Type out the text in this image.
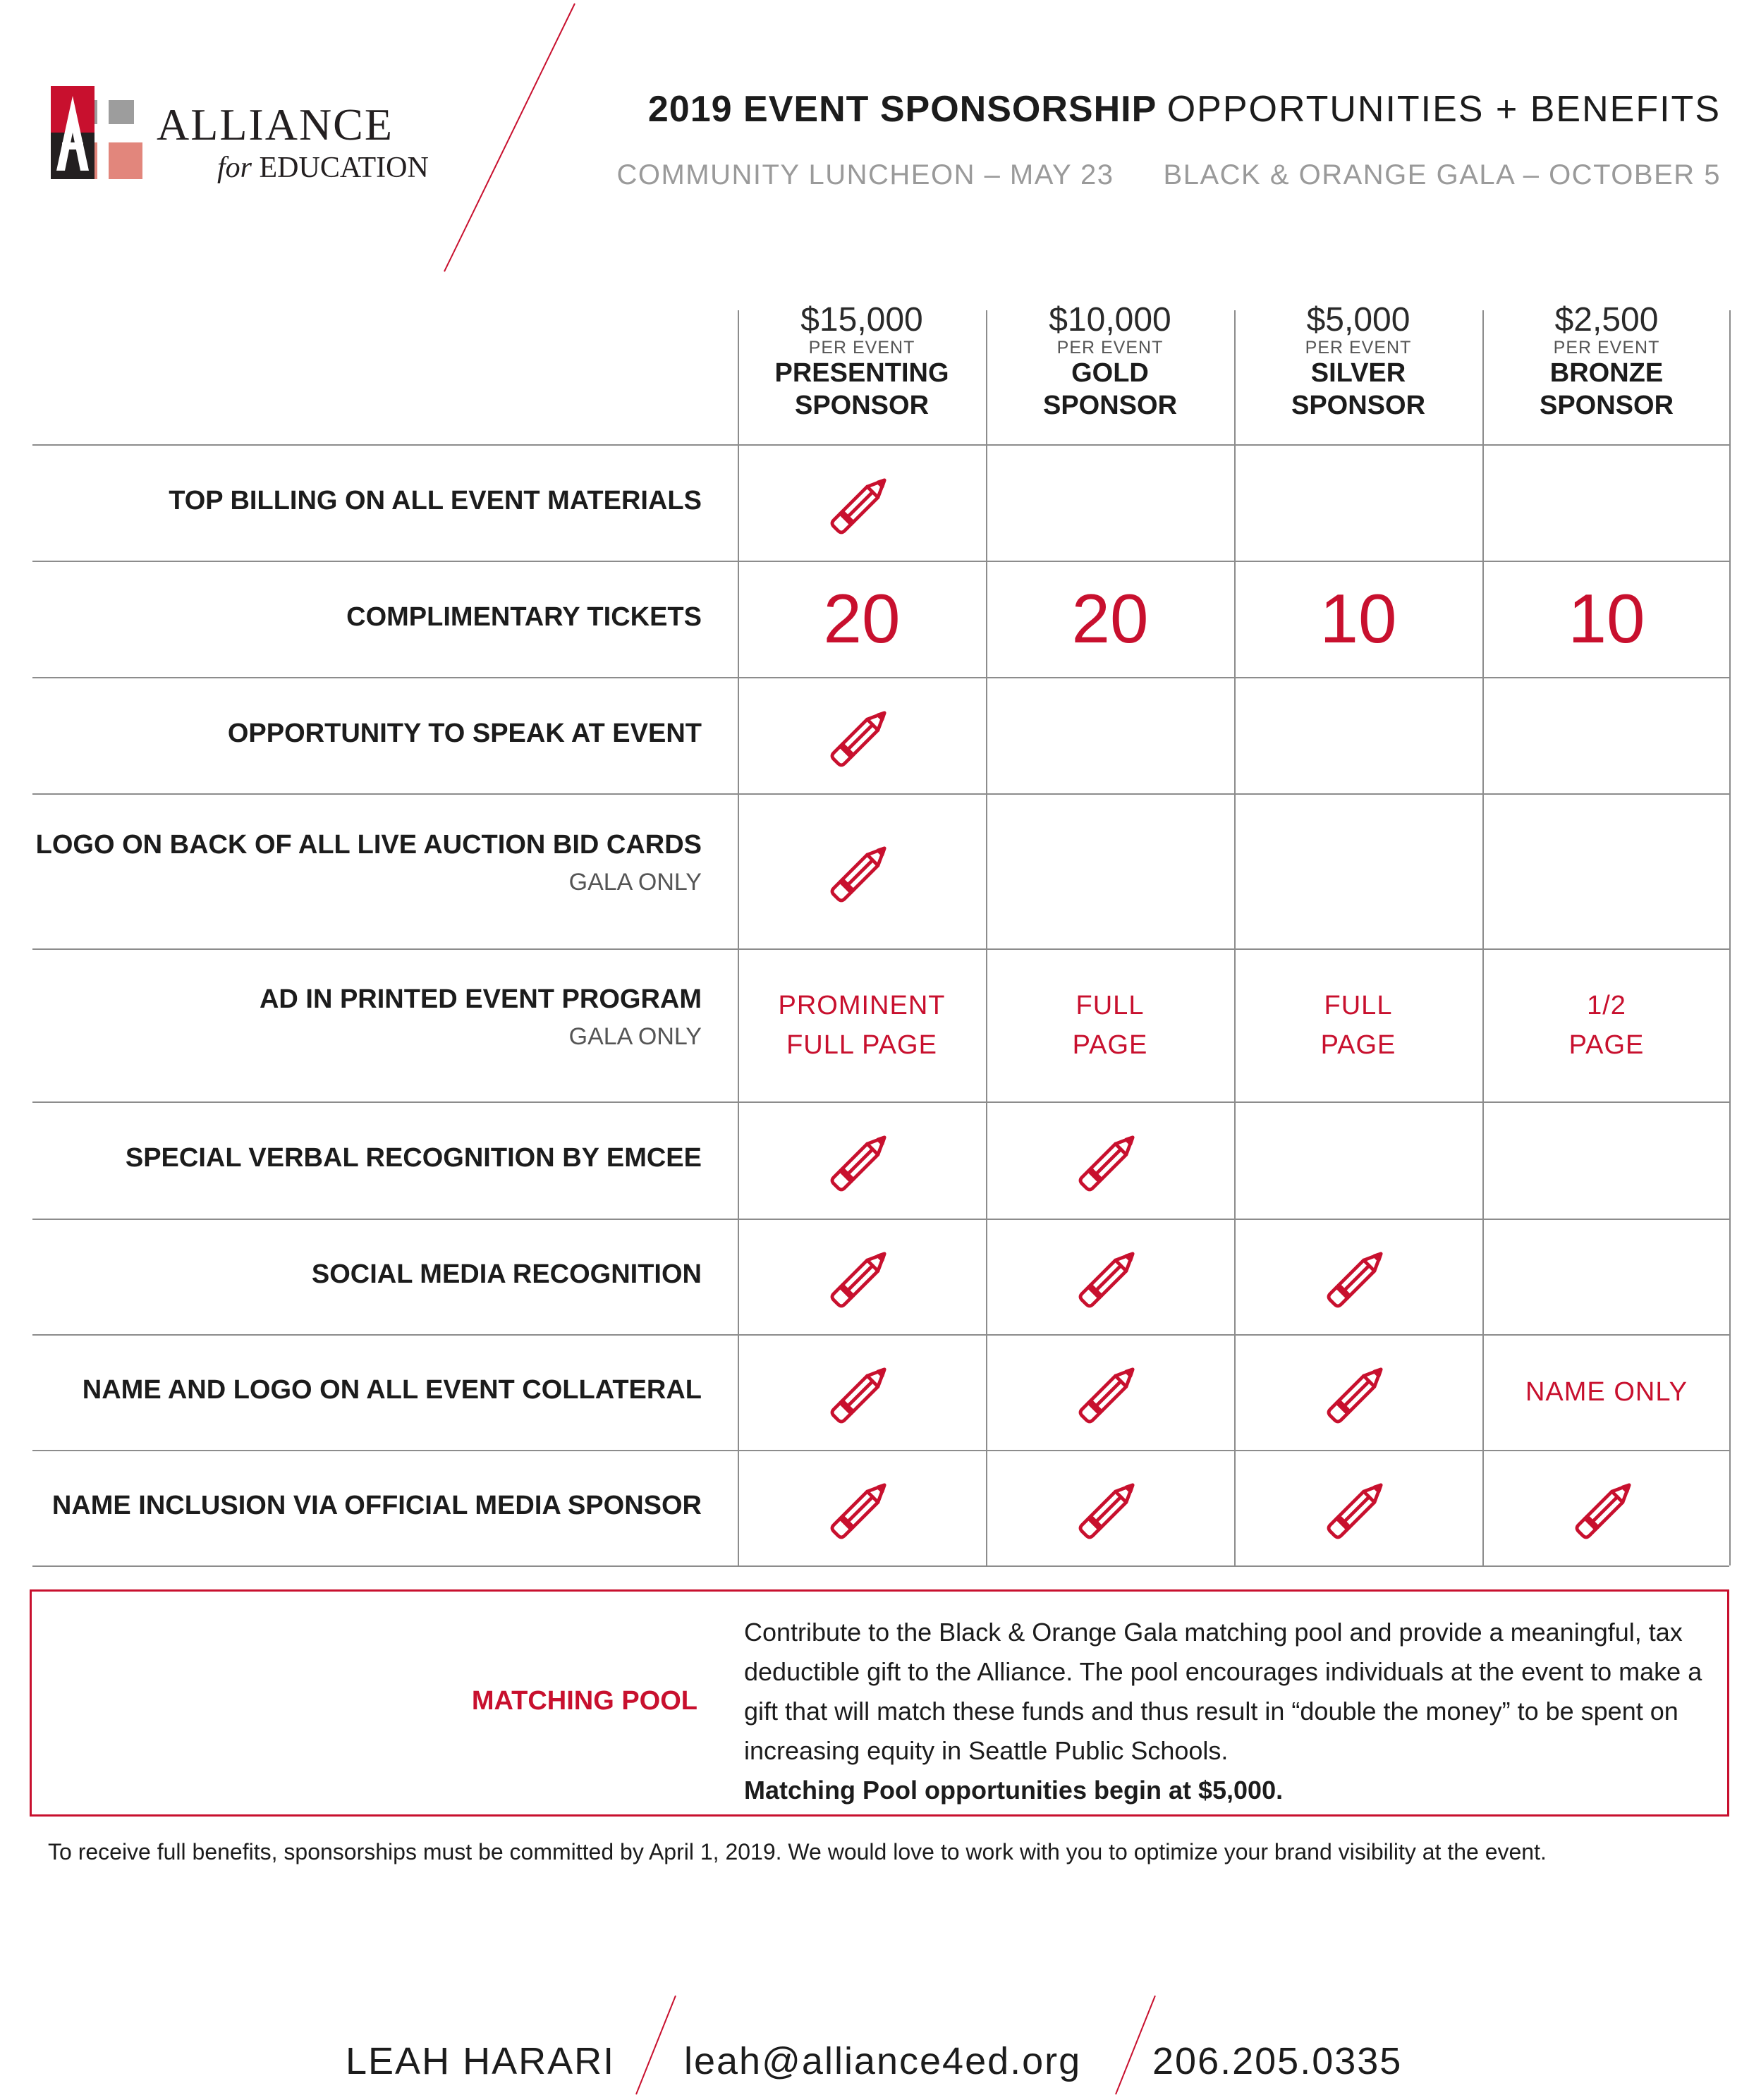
ALLIANCE
for EDUCATION
2019 EVENT SPONSORSHIP OPPORTUNITIES + BENEFITS
COMMUNITY LUNCHEON – MAY 23 BLACK & ORANGE GALA – OCTOBER 5
$15,000
PER EVENT
PRESENTING
SPONSOR
$10,000
PER EVENT
GOLD
SPONSOR
$5,000
PER EVENT
SILVER
SPONSOR
$2,500
PER EVENT
BRONZE
SPONSOR
TOP BILLING ON ALL EVENT MATERIALS
COMPLIMENTARY TICKETS 20 20 10 10
OPPORTUNITY TO SPEAK AT EVENT
LOGO ON BACK OF ALL LIVE AUCTION BID CARDS
GALA ONLY
AD IN PRINTED EVENT PROGRAM
GALA ONLY
PROMINENT
FULL PAGE
FULL
PAGE
FULL
PAGE
1/2
PAGE
SPECIAL VERBAL RECOGNITION BY EMCEE
SOCIAL MEDIA RECOGNITION
NAME AND LOGO ON ALL EVENT COLLATERAL	NAME ONLY
NAME INCLUSION VIA OFFICIAL MEDIA SPONSOR
MATCHING POOL
Contribute to the Black & Orange Gala matching pool and provide a meaningful, tax deductible gift to the Alliance. The pool encourages individuals at the event to make a gift that will match these funds and thus result in “double the money” to be spent on increasing equity in Seattle Public Schools.
Matching Pool opportunities begin at $5,000.
To receive full benefits, sponsorships must be committed by April 1, 2019. We would love to work with you to optimize your brand visibility at the event.
LEAH HARARI leah@alliance4ed.org 206.205.0335
